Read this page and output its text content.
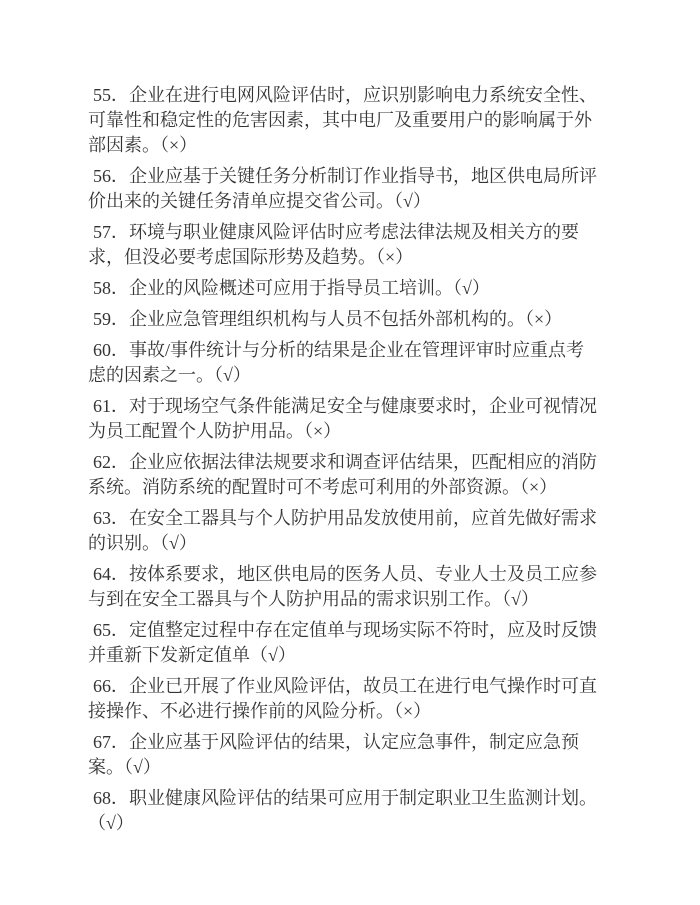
55．企业在进行电网风险评估时，应识别影响电力系统安全性、可靠性和稳定性的危害因素，其中电厂及重要用户的影响属于外部因素。（×）
56．企业应基于关键任务分析制订作业指导书，地区供电局所评价出来的关键任务清单应提交省公司。（√）
57．环境与职业健康风险评估时应考虑法律法规及相关方的要求，但没必要考虑国际形势及趋势。（×）
58．企业的风险概述可应用于指导员工培训。（√）
59．企业应急管理组织机构与人员不包括外部机构的。（×）
60．事故/事件统计与分析的结果是企业在管理评审时应重点考虑的因素之一。（√）
61．对于现场空气条件能满足安全与健康要求时，企业可视情况为员工配置个人防护用品。（×）
62．企业应依据法律法规要求和调查评估结果，匹配相应的消防系统。消防系统的配置时可不考虑可利用的外部资源。（×）
63．在安全工器具与个人防护用品发放使用前，应首先做好需求的识别。（√）
64．按体系要求，地区供电局的医务人员、专业人士及员工应参与到在安全工器具与个人防护用品的需求识别工作。（√）
65．定值整定过程中存在定值单与现场实际不符时，应及时反馈并重新下发新定值单（√）
66．企业已开展了作业风险评估，故员工在进行电气操作时可直接操作、不必进行操作前的风险分析。（×）
67．企业应基于风险评估的结果，认定应急事件，制定应急预案。（√）
68．职业健康风险评估的结果可应用于制定职业卫生监测计划。（√）
